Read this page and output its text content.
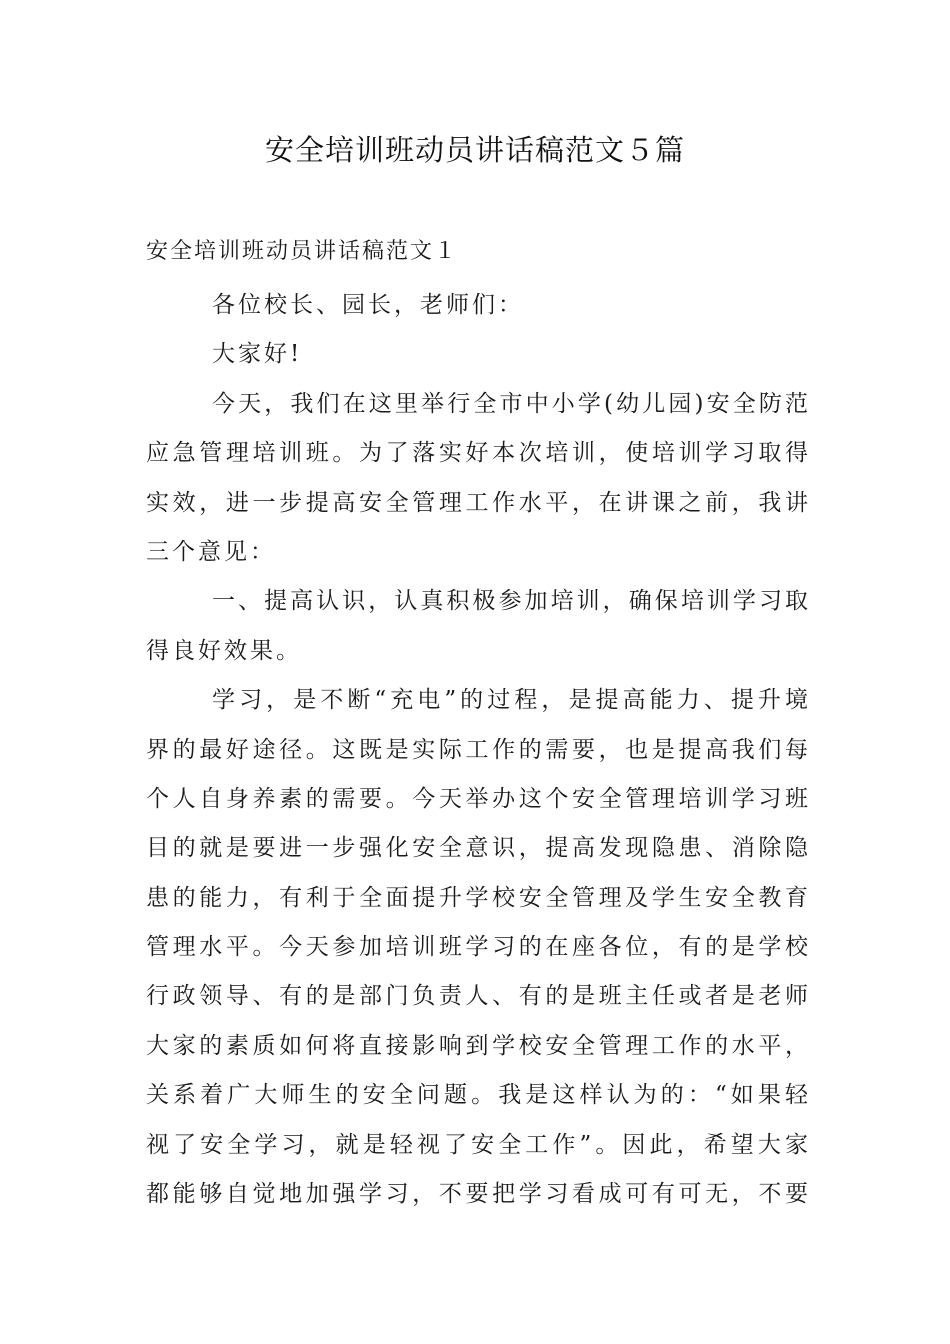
安全培训班动员讲话稿范文５篇
安全培训班动员讲话稿范文１
各位校长、园长，老师们：
大家好!
今天，我们在这里举行全市中小学(幼儿园)安全防范
应急管理培训班。为了落实好本次培训，使培训学习取得
实效，进一步提高安全管理工作水平，在讲课之前，我讲
三个意见：
一、提高认识，认真积极参加培训，确保培训学习取
得良好效果。
学习，是不断“充电”的过程，是提高能力、提升境
界的最好途径。这既是实际工作的需要，也是提高我们每
个人自身养素的需要。今天举办这个安全管理培训学习班
目的就是要进一步强化安全意识，提高发现隐患、消除隐
患的能力，有利于全面提升学校安全管理及学生安全教育
管理水平。今天参加培训班学习的在座各位，有的是学校
行政领导、有的是部门负责人、有的是班主任或者是老师
大家的素质如何将直接影响到学校安全管理工作的水平，
关系着广大师生的安全问题。我是这样认为的：“如果轻
视了安全学习，就是轻视了安全工作”。因此，希望大家
都能够自觉地加强学习，不要把学习看成可有可无，不要
